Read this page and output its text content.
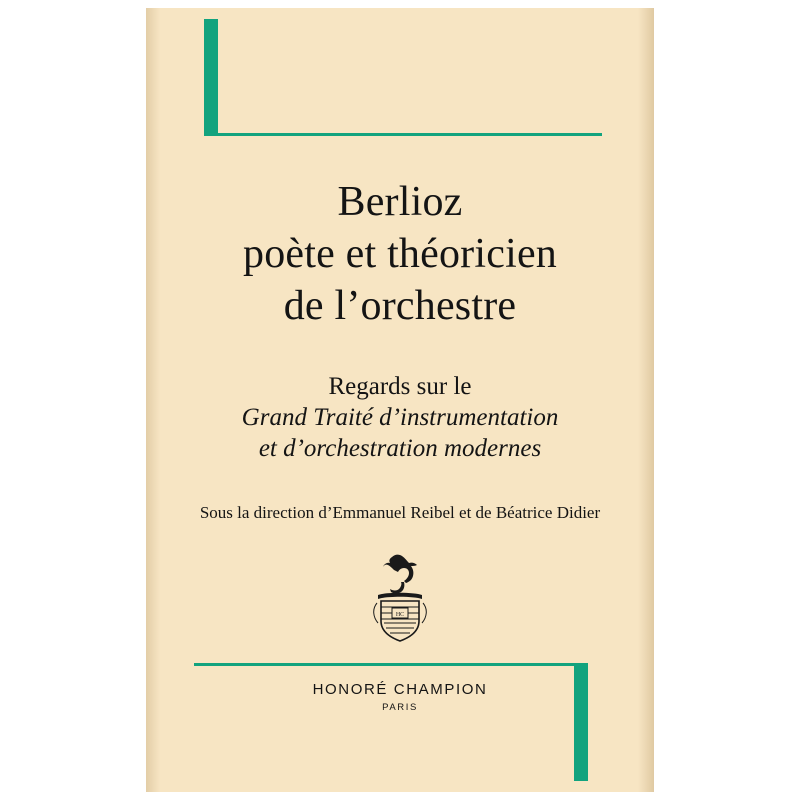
Berlioz
poète et théoricien
de l’orchestre
Regards sur le
Grand Traité d’instrumentation
et d’orchestration modernes
Sous la direction d’Emmanuel Reibel et de Béatrice Didier
HC
HONORÉ CHAMPION
PARIS
